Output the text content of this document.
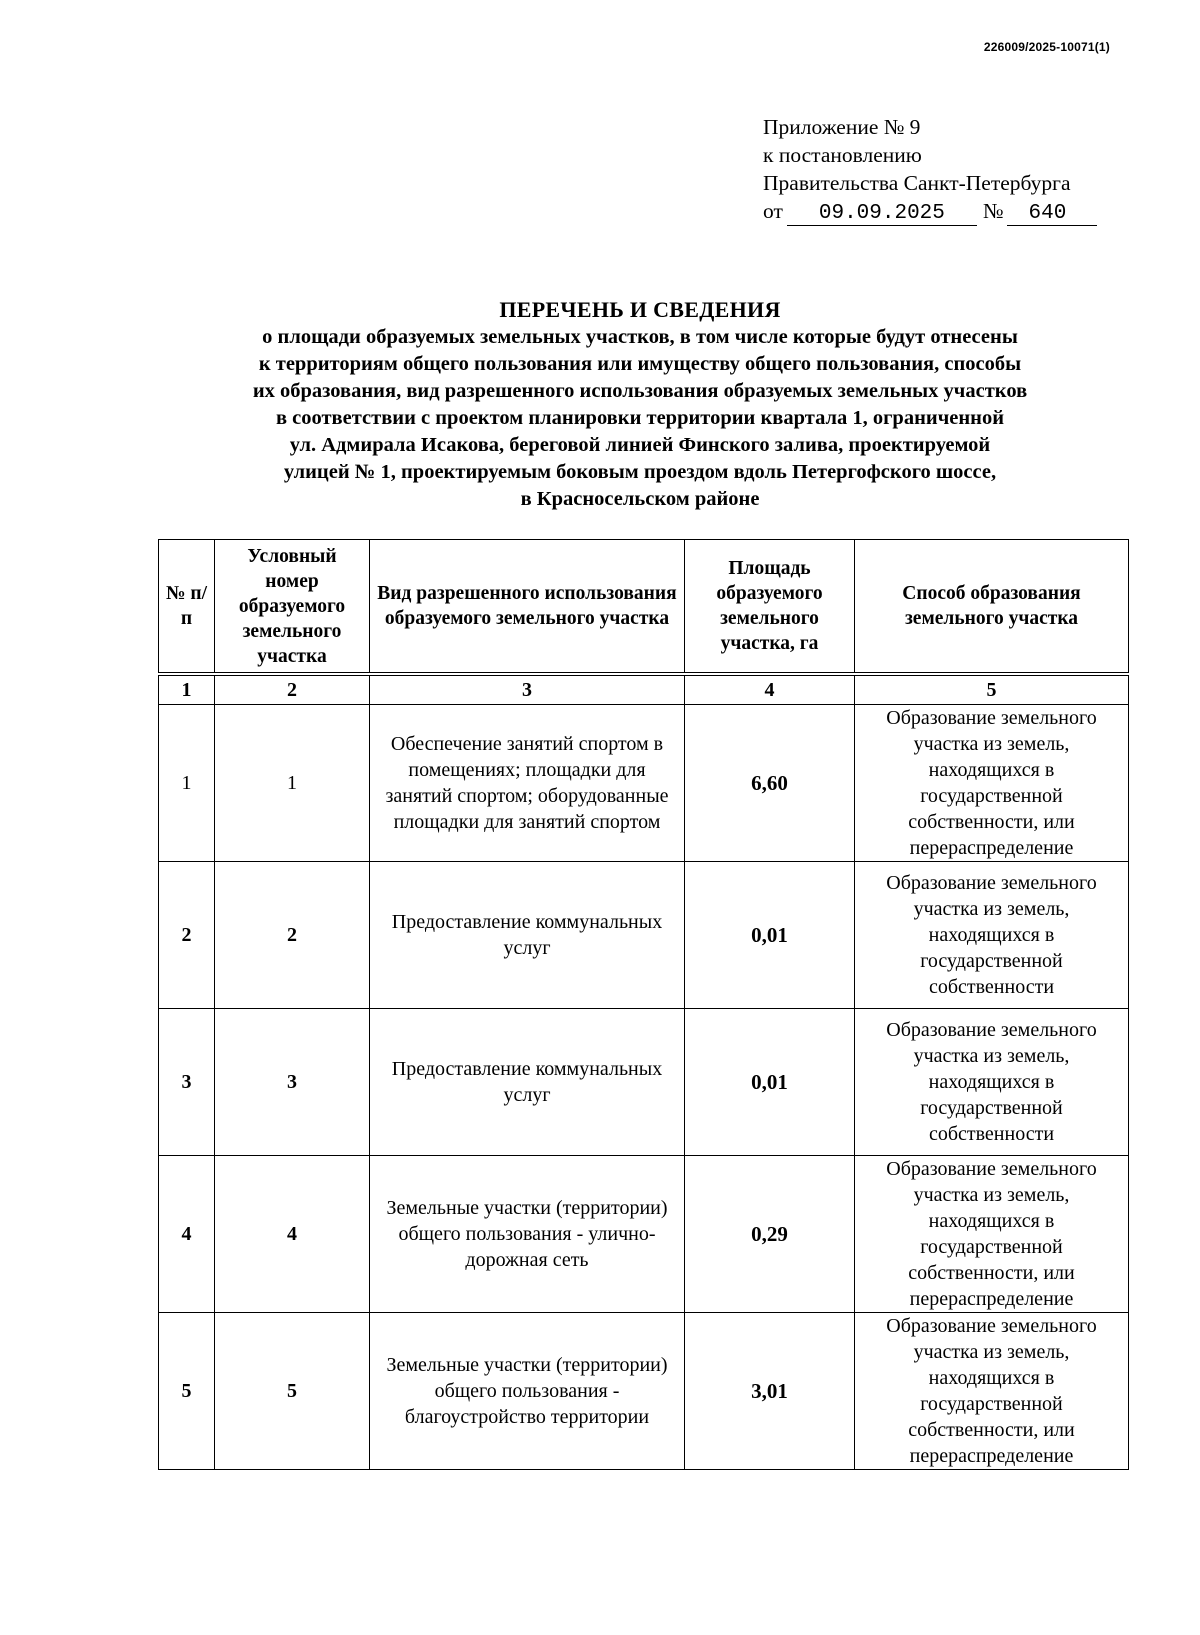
226009/2025-10071(1)
Приложение № 9
к постановлению
Правительства Санкт-Петербурга
от 09.09.2025 № 640
ПЕРЕЧЕНЬ И СВЕДЕНИЯ
о площади образуемых земельных участков, в том числе которые будут отнесены
к территориям общего пользования или имуществу общего пользования, способы
их образования, вид разрешенного использования образуемых земельных участков
в соответствии с проектом планировки территории квартала 1, ограниченной
ул. Адмирала Исакова, береговой линией Финского залива, проектируемой
улицей № 1, проектируемым боковым проездом вдоль Петергофского шоссе,
в Красносельском районе
№ п/п	Условный номер образуемого земельного участка	Вид разрешенного использования образуемого земельного участка	Площадь образуемого земельного участка, га	Способ образования земельного участка
1	2	3	4	5
1	1	Обеспечение занятий спортом в помещениях; площадки для занятий спортом; оборудованные площадки для занятий спортом	6,60	Образование земельного участка из земель, находящихся в государственной собственности, или перераспределение
2	2	Предоставление коммунальных услуг	0,01	Образование земельного участка из земель, находящихся в государственной собственности
3	3	Предоставление коммунальных услуг	0,01	Образование земельного участка из земель, находящихся в государственной собственности
4	4	Земельные участки (территории) общего пользования - улично-дорожная сеть	0,29	Образование земельного участка из земель, находящихся в государственной собственности, или перераспределение
5	5	Земельные участки (территории) общего пользования - благоустройство территории	3,01	Образование земельного участка из земель, находящихся в государственной собственности, или перераспределение
